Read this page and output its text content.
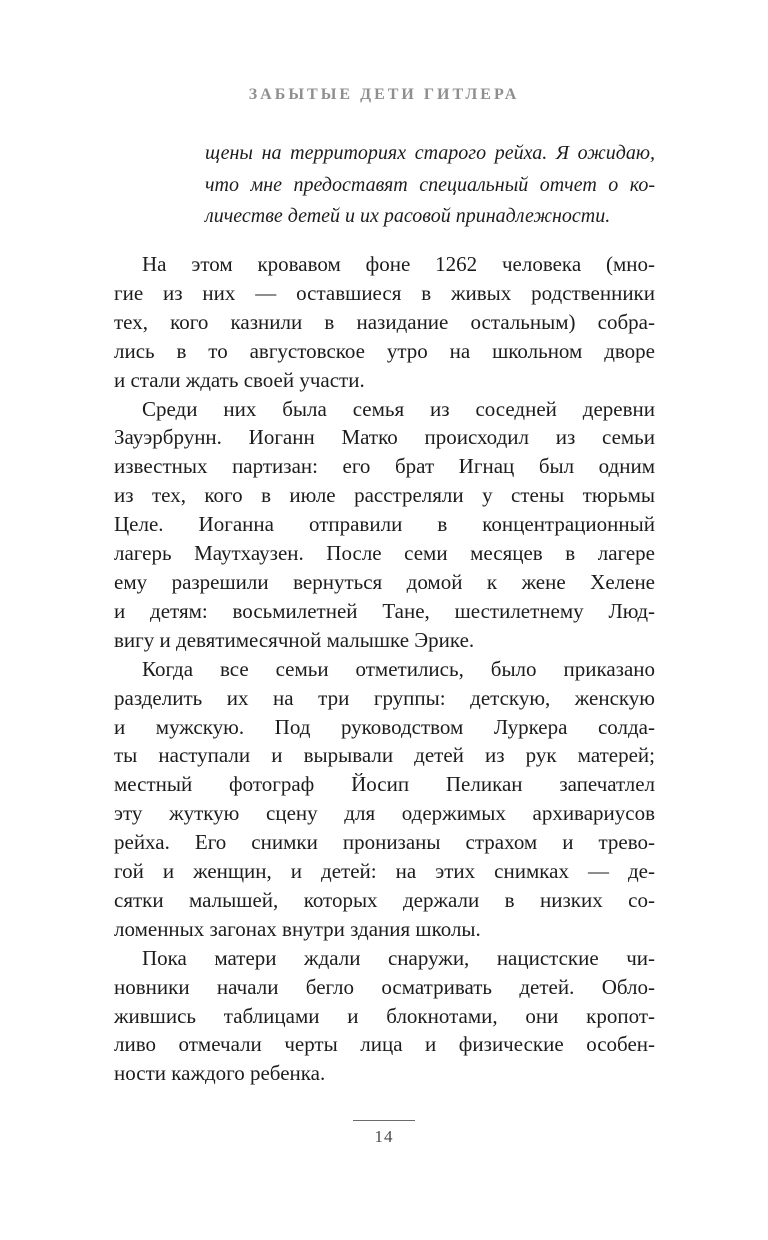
ЗАБЫТЫЕ ДЕТИ ГИТЛЕРА
щены на территориях старого рейха. Я ожидаю,
что мне предоставят специальный отчет о ко-
личестве детей и их расовой принадлежности.
На этом кровавом фоне 1262 человека (мно-
гие из них — оставшиеся в живых родственники
тех, кого казнили в назидание остальным) собра-
лись в то августовское утро на школьном дворе
и стали ждать своей участи.
Среди них была семья из соседней деревни
Зауэрбрунн. Иоганн Матко происходил из семьи
известных партизан: его брат Игнац был одним
из тех, кого в июле расстреляли у стены тюрьмы
Целе. Иоганна отправили в концентрационный
лагерь Маутхаузен. После семи месяцев в лагере
ему разрешили вернуться домой к жене Хелене
и детям: восьмилетней Тане, шестилетнему Люд-
вигу и девятимесячной малышке Эрике.
Когда все семьи отметились, было приказано
разделить их на три группы: детскую, женскую
и мужскую. Под руководством Луркера солда-
ты наступали и вырывали детей из рук матерей;
местный фотограф Йосип Пеликан запечатлел
эту жуткую сцену для одержимых архивариусов
рейха. Его снимки пронизаны страхом и трево-
гой и женщин, и детей: на этих снимках — де-
сятки малышей, которых держали в низких со-
ломенных загонах внутри здания школы.
Пока матери ждали снаружи, нацистские чи-
новники начали бегло осматривать детей. Обло-
жившись таблицами и блокнотами, они кропот-
ливо отмечали черты лица и физические особен-
ности каждого ребенка.
14
